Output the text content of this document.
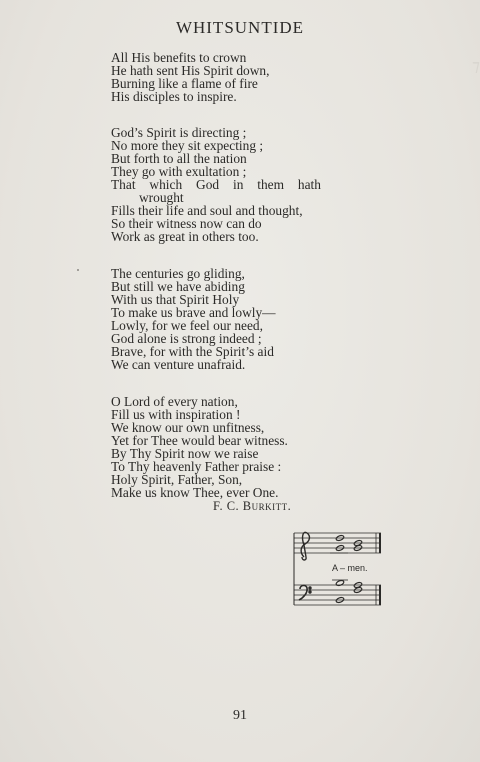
⁊
WHITSUNTIDE
All His benefits to crown
He hath sent His Spirit down,
Burning like a flame of fire
His disciples to inspire.
God’s Spirit is directing ;
No more they sit expecting ;
But forth to all the nation
They go with exultation ;
That which God in them hath
wrought
Fills their life and soul and thought,
So their witness now can do
Work as great in others too.
The centuries go gliding,
But still we have abiding
With us that Spirit Holy
To make us brave and lowly—
Lowly, for we feel our need,
God alone is strong indeed ;
Brave, for with the Spirit’s aid
We can venture unafraid.
O Lord of every nation,
Fill us with inspiration !
We know our own unfitness,
Yet for Thee would bear witness.
By Thy Spirit now we raise
To Thy heavenly Father praise :
Holy Spirit, Father, Son,
Make us know Thee, ever One.
F. C. Burkitt.
A – men.
91
